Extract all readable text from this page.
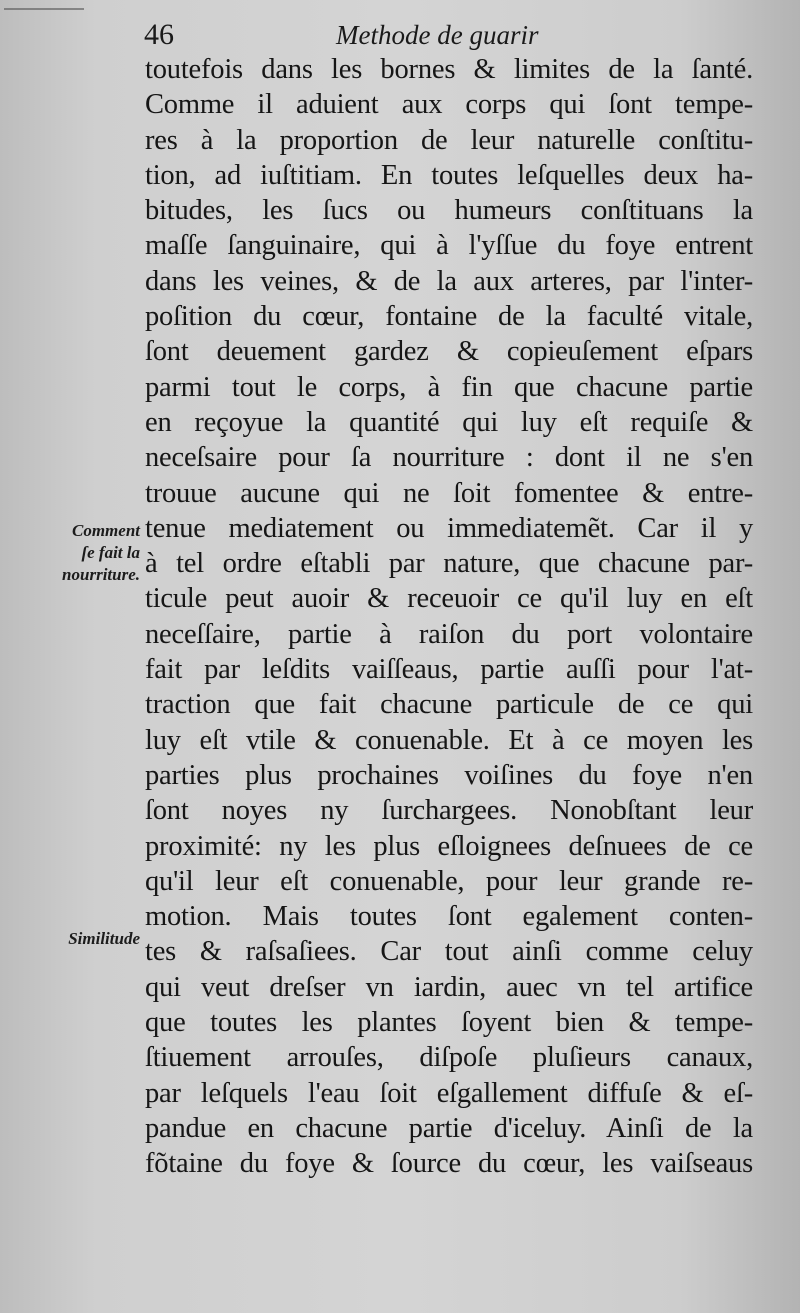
46	Methode de guarir

Comment
ſe fait la
nourriture.
Similitude
toutefois dans les bornes & limites de la ſanté.
Comme il aduient aux corps qui ſont tempe-
res à la proportion de leur naturelle conſtitu-
tion, ad iuſtitiam. En toutes leſquelles deux ha-
bitudes, les ſucs ou humeurs conſtituans la
maſſe ſanguinaire, qui à l'yſſue du foye entrent
dans les veines, & de la aux arteres, par l'inter-
poſition du cœur, fontaine de la faculté vitale,
ſont deuement gardez & copieuſement eſpars
parmi tout le corps, à fin que chacune partie
en reçoyue la quantité qui luy eſt requiſe &
neceſsaire pour ſa nourriture : dont il ne s'en
trouue aucune qui ne ſoit fomentee & entre-
tenue mediatement ou immediatemẽt. Car il y
à tel ordre eſtabli par nature, que chacune par-
ticule peut auoir & receuoir ce qu'il luy en eſt
neceſſaire, partie à raiſon du port volontaire
fait par leſdits vaiſſeaus, partie auſſi pour l'at-
traction que fait chacune particule de ce qui
luy eſt vtile & conuenable. Et à ce moyen les
parties plus prochaines voiſines du foye n'en
ſont noyes ny ſurchargees. Nonobſtant leur
proximité: ny les plus eſloignees deſnuees de ce
qu'il leur eſt conuenable, pour leur grande re-
motion. Mais toutes ſont egalement conten-
tes & raſsaſiees. Car tout ainſi comme celuy
qui veut dreſser vn iardin, auec vn tel artifice
que toutes les plantes ſoyent bien & tempe-
ſtiuement arrouſes, diſpoſe pluſieurs canaux,
par leſquels l'eau ſoit eſgallement diffuſe & eſ-
pandue en chacune partie d'iceluy. Ainſi de la
fõtaine du foye & ſource du cœur, les vaiſseaus
